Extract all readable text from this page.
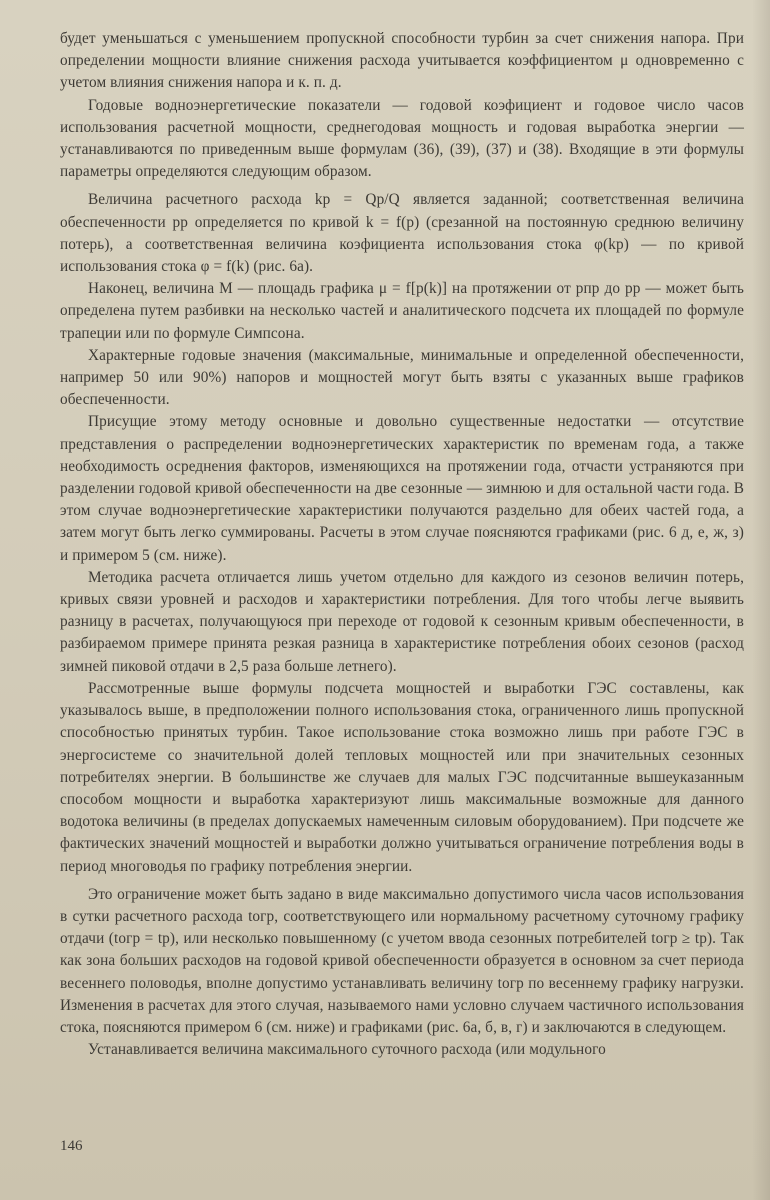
будет уменьшаться с уменьшением пропускной способности турбин за счет снижения напора. При определении мощности влияние снижения расхода учитывается коэффициентом μ одновременно с учетом влияния снижения напора и к. п. д.

Годовые водноэнергетические показатели — годовой коэфициент и годовое число часов использования расчетной мощности, среднегодовая мощность и годовая выработка энергии — устанавливаются по приведенным выше формулам (36), (39), (37) и (38). Входящие в эти формулы параметры определяются следующим образом.

Величина расчетного расхода kр = Qр/Q является заданной; соответственная величина обеспеченности pр определяется по кривой k = f(p) (срезанной на постоянную среднюю величину потерь), а соответственная величина коэфициента использования стока φ(kр) — по кривой использования стока φ = f(k) (рис. 6а).

Наконец, величина М — площадь графика μ = f[p(k)] на протяжении от pпр до pр — может быть определена путем разбивки на несколько частей и аналитического подсчета их площадей по формуле трапеции или по формуле Симпсона.

Характерные годовые значения (максимальные, минимальные и определенной обеспеченности, например 50 или 90%) напоров и мощностей могут быть взяты с указанных выше графиков обеспеченности.

Присущие этому методу основные и довольно существенные недостатки — отсутствие представления о распределении водноэнергетических характеристик по временам года, а также необходимость осреднения факторов, изменяющихся на протяжении года, отчасти устраняются при разделении годовой кривой обеспеченности на две сезонные — зимнюю и для остальной части года. В этом случае водноэнергетические характеристики получаются раздельно для обеих частей года, а затем могут быть легко суммированы. Расчеты в этом случае поясняются графиками (рис. 6 д, е, ж, з) и примером 5 (см. ниже).

Методика расчета отличается лишь учетом отдельно для каждого из сезонов величин потерь, кривых связи уровней и расходов и характеристики потребления. Для того чтобы легче выявить разницу в расчетах, получающуюся при переходе от годовой к сезонным кривым обеспеченности, в разбираемом примере принята резкая разница в характеристике потребления обоих сезонов (расход зимней пиковой отдачи в 2,5 раза больше летнего).

Рассмотренные выше формулы подсчета мощностей и выработки ГЭС составлены, как указывалось выше, в предположении полного использования стока, ограниченного лишь пропускной способностью принятых турбин. Такое использование стока возможно лишь при работе ГЭС в энергосистеме со значительной долей тепловых мощностей или при значительных сезонных потребителях энергии. В большинстве же случаев для малых ГЭС подсчитанные вышеуказанным способом мощности и выработка характеризуют лишь максимальные возможные для данного водотока величины (в пределах допускаемых намеченным силовым оборудованием). При подсчете же фактических значений мощностей и выработки должно учитываться ограничение потребления воды в период многоводья по графику потребления энергии.

Это ограничение может быть задано в виде максимально допустимого числа часов использования в сутки расчетного расхода tогр, соответствующего или нормальному расчетному суточному графику отдачи (tогр = tр), или несколько повышенному (с учетом ввода сезонных потребителей tогр ≥ tр). Так как зона больших расходов на годовой кривой обеспеченности образуется в основном за счет периода весеннего половодья, вполне допустимо устанавливать величину tогр по весеннему графику нагрузки. Изменения в расчетах для этого случая, называемого нами условно случаем частичного использования стока, поясняются примером 6 (см. ниже) и графиками (рис. 6а, б, в, г) и заключаются в следующем.

Устанавливается величина максимального суточного расхода (или модульного

146
